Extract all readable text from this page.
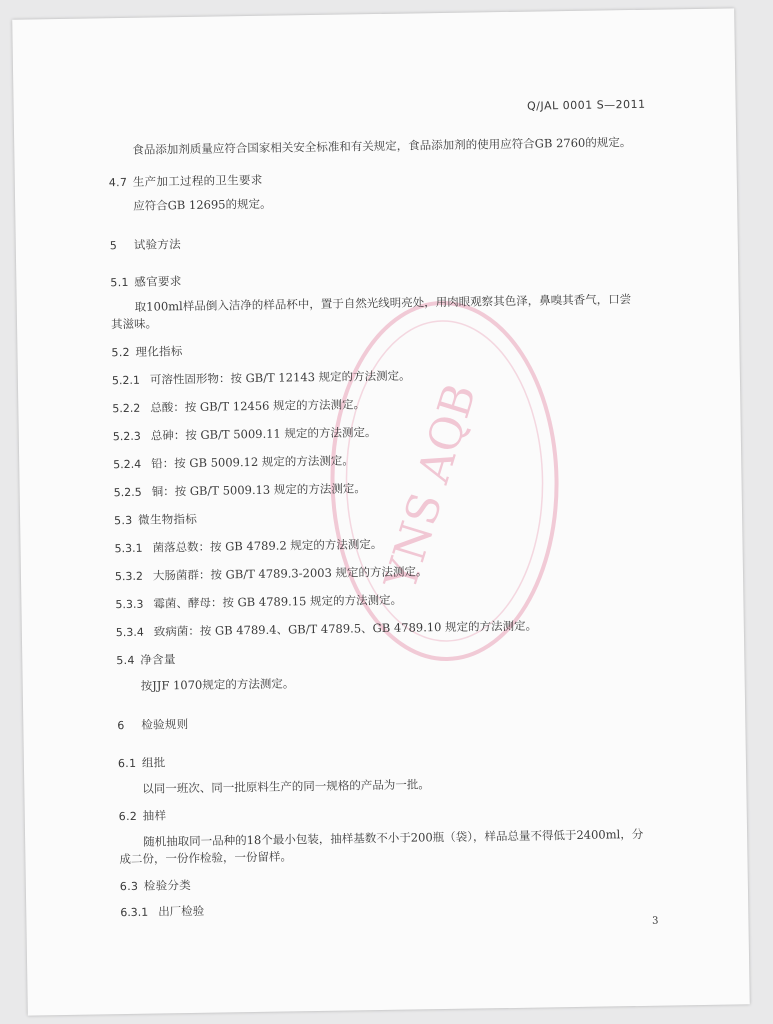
Q/JAL 0001 S—2011
YNS AQB
食品添加剂质量应符合国家相关安全标准和有关规定，食品添加剂的使用应符合GB 2760的规定。
4.7 生产加工过程的卫生要求
应符合GB 12695的规定。
5 试验方法
5.1 感官要求
取100ml样品倒入洁净的样品杯中，置于自然光线明亮处，用肉眼观察其色泽，鼻嗅其香气，口尝
其滋味。
5.2 理化指标
5.2.1 可溶性固形物：按 GB/T 12143 规定的方法测定。
5.2.2 总酸：按 GB/T 12456 规定的方法测定。
5.2.3 总砷：按 GB/T 5009.11 规定的方法测定。
5.2.4 铅：按 GB 5009.12 规定的方法测定。
5.2.5 铜：按 GB/T 5009.13 规定的方法测定。
5.3 微生物指标
5.3.1 菌落总数：按 GB 4789.2 规定的方法测定。
5.3.2 大肠菌群：按 GB/T 4789.3-2003 规定的方法测定。
5.3.3 霉菌、酵母：按 GB 4789.15 规定的方法测定。
5.3.4 致病菌：按 GB 4789.4、GB/T 4789.5、GB 4789.10 规定的方法测定。
5.4 净含量
按JJF 1070规定的方法测定。
6 检验规则
6.1 组批
以同一班次、同一批原料生产的同一规格的产品为一批。
6.2 抽样
随机抽取同一品种的18个最小包装，抽样基数不小于200瓶（袋），样品总量不得低于2400ml，分
成二份，一份作检验，一份留样。
6.3 检验分类
6.3.1 出厂检验
3
